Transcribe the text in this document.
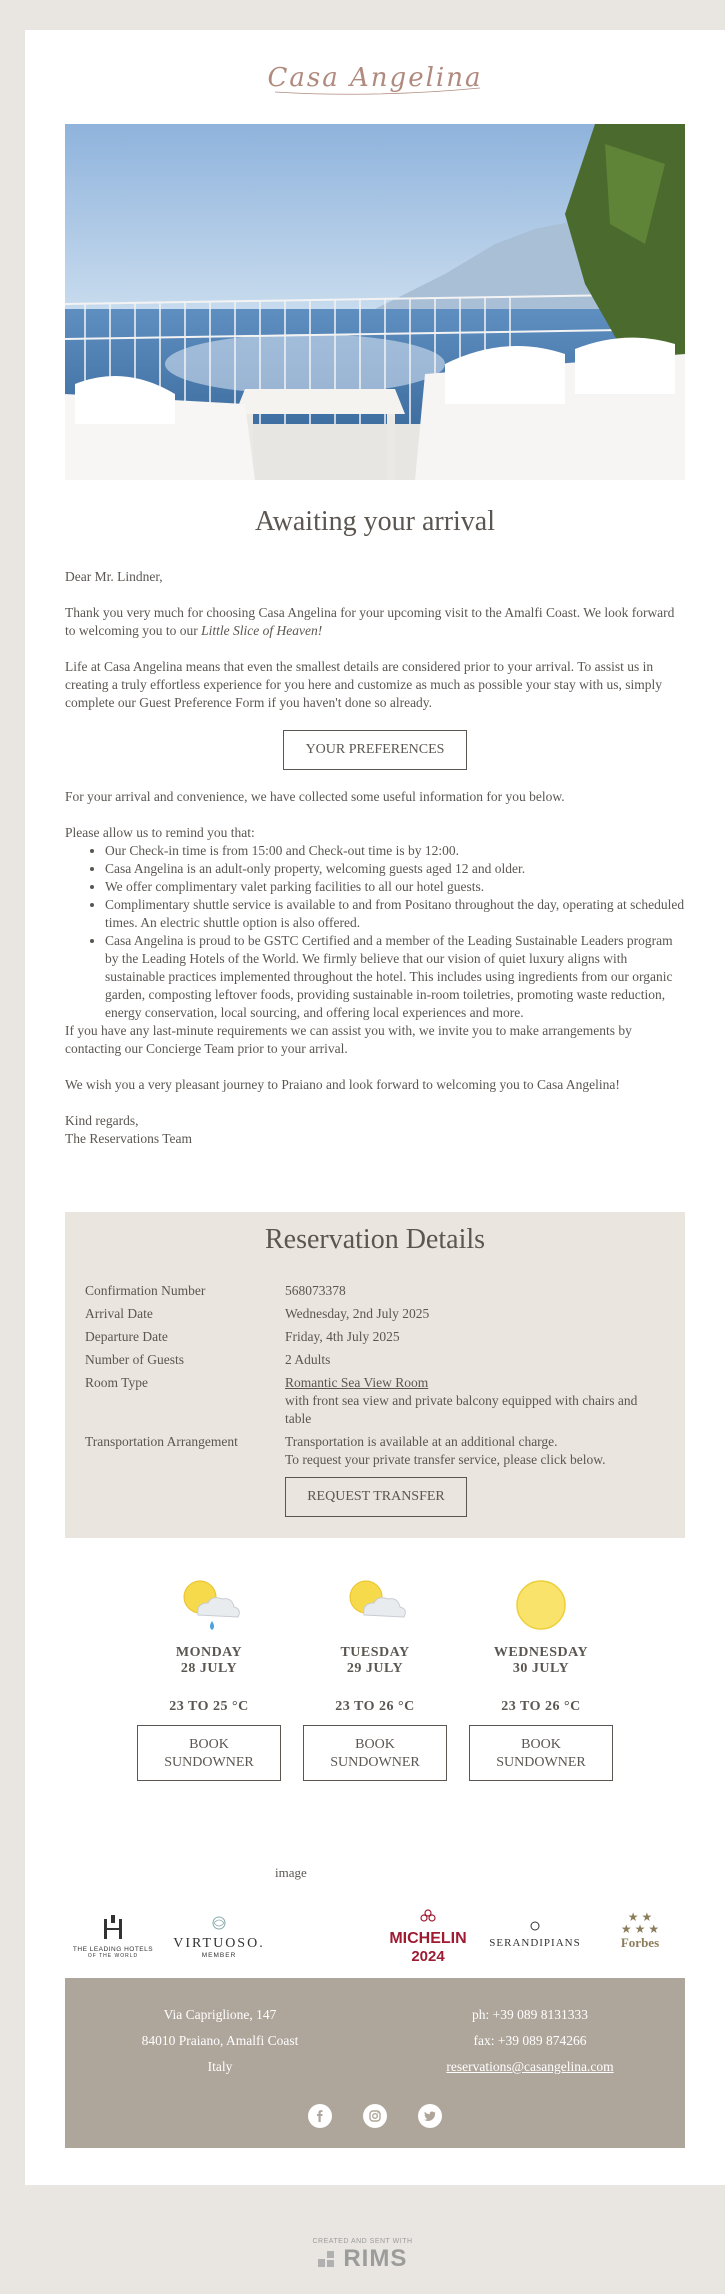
Casa Angelina
Awaiting your arrival

Dear Mr. Lindner,

Thank you very much for choosing Casa Angelina for your upcoming visit to the Amalfi Coast. We look forward to welcoming you to our Little Slice of Heaven!

Life at Casa Angelina means that even the smallest details are considered prior to your arrival. To assist us in creating a truly effortless experience for you here and customize as much as possible your stay with us, simply complete our Guest Preference Form if you haven't done so already.

YOUR PREFERENCES

For your arrival and convenience, we have collected some useful information for you below.

Please allow us to remind you that:

• Our Check-in time is from 15:00 and Check-out time is by 12:00.
• Casa Angelina is an adult-only property, welcoming guests aged 12 and older.
• We offer complimentary valet parking facilities to all our hotel guests.
• Complimentary shuttle service is available to and from Positano throughout the day, operating at scheduled times. An electric shuttle option is also offered.
• Casa Angelina is proud to be GSTC Certified and a member of the Leading Sustainable Leaders program by the Leading Hotels of the World. We firmly believe that our vision of quiet luxury aligns with sustainable practices implemented throughout the hotel. This includes using ingredients from our organic garden, composting leftover foods, providing sustainable in-room toiletries, promoting waste reduction, energy conservation, local sourcing, and offering local experiences and more.

If you have any last-minute requirements we can assist you with, we invite you to make arrangements by contacting our Concierge Team prior to your arrival.

We wish you a very pleasant journey to Praiano and look forward to welcoming you to Casa Angelina!

Kind regards,

The Reservations Team

Reservation Details
Confirmation Number	568073378
Arrival Date	Wednesday, 2nd July 2025
Departure Date	Friday, 4th July 2025
Number of Guests	2 Adults
Room Type	Romantic Sea View Room
with front sea view and private balcony equipped with chairs and table
Transportation Arrangement	Transportation is available at an additional charge.
To request your private transfer service, please click below.
REQUEST TRANSFER
MONDAY
28 JULY
23 TO 25 °C
BOOK
SUNDOWNER
TUESDAY
29 JULY
23 TO 26 °C
BOOK
SUNDOWNER
WEDNESDAY
30 JULY
23 TO 26 °C
BOOK
SUNDOWNER
image
THE LEADING HOTELS
OF THE WORLD
VIRTUOSO.
MEMBER
MICHELIN
2024
SERANDIPIANS
★ ★
★ ★ ★
Forbes
Via Capriglione, 147
84010 Praiano, Amalfi Coast
Italy
ph: +39 089 8131333
fax: +39 089 874266
reservations@casangelina.com

CREATED AND SENT WITH
RIMS
